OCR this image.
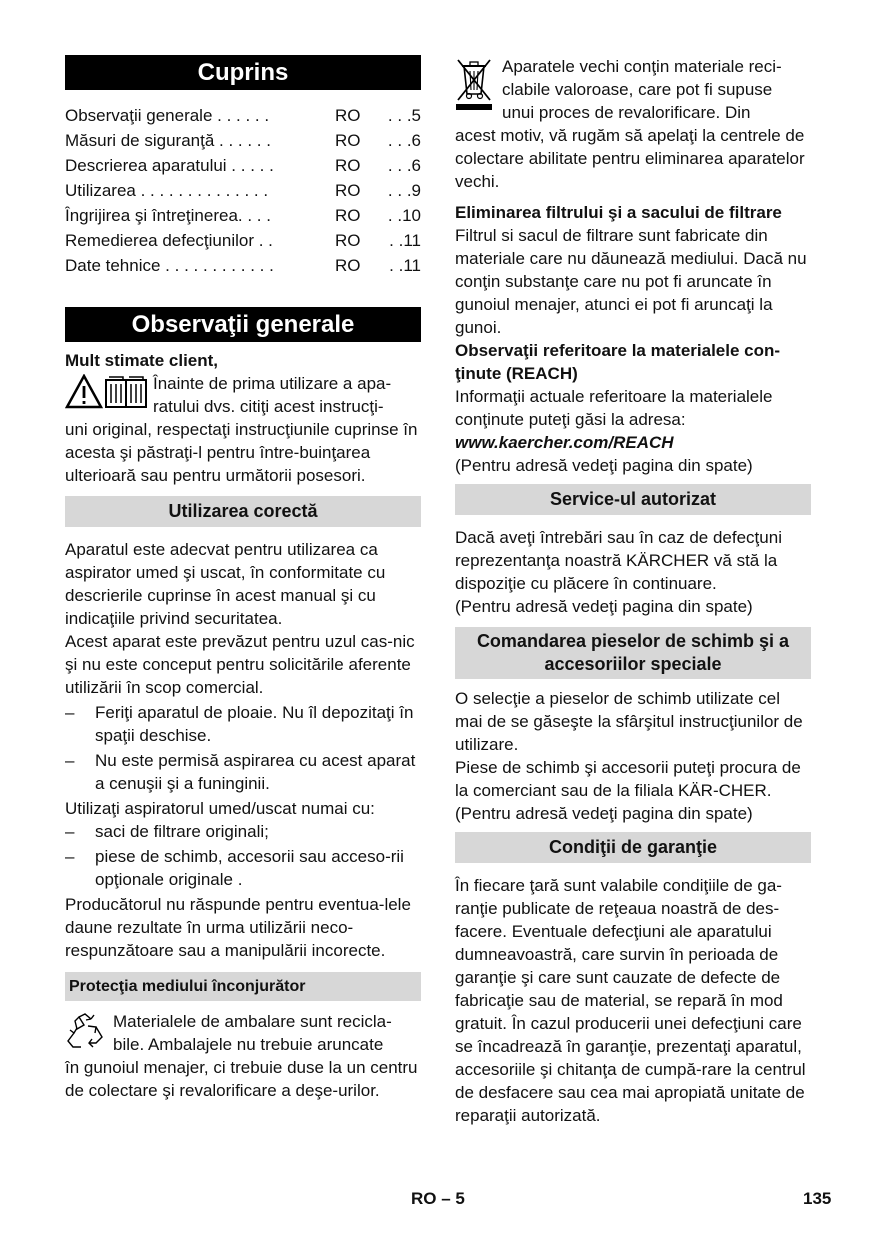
Cuprins
Observaţii generale . . . . . .	RO	. . .5
Măsuri de siguranţă . . . . . .	RO	. . .6
Descrierea aparatului . . . . .	RO	. . .6
Utilizarea . . . . . . . . . . . . . .	RO	. . .9
Îngrijirea şi întreţinerea. . . .	RO	. .10
Remedierea defecţiunilor . .	RO	. .11
Date tehnice . . . . . . . . . . . .	RO	. .11
Observaţii generale

Mult stimate client,

Înainte de prima utilizare a apa-

ratului dvs. citiţi acest instrucţi-

uni original, respectaţi instrucţiunile cuprinse în acesta şi păstraţi-l pentru între-buinţarea ulterioară sau pentru următorii posesori.

Utilizarea corectă

Aparatul este adecvat pentru utilizarea ca aspirator umed şi uscat, în conformitate cu descrierile cuprinse în acest manual şi cu indicaţiile privind securitatea.

Acest aparat este prevăzut pentru uzul cas-nic şi nu este conceput pentru solicitările aferente utilizării în scop comercial.

– Feriţi aparatul de ploaie. Nu îl depozitaţi în spaţii deschise.
– Nu este permisă aspirarea cu acest aparat a cenuşii şi a funinginii.

Utilizaţi aspiratorul umed/uscat numai cu:

– saci de filtrare originali;
– piese de schimb, accesorii sau acceso-rii opţionale originale .

Producătorul nu răspunde pentru eventua-lele daune rezultate în urma utilizării neco-respunzătoare sau a manipulării incorecte.

Protecţia mediului înconjurător

Materialele de ambalare sunt recicla-

bile. Ambalajele nu trebuie aruncate

în gunoiul menajer, ci trebuie duse la un centru de colectare şi revalorificare a deşe-urilor.

Aparatele vechi conţin materiale reci-

clabile valoroase, care pot fi supuse

unui proces de revalorificare. Din

acest motiv, vă rugăm să apelaţi la centrele de colectare abilitate pentru eliminarea aparatelor vechi.

Eliminarea filtrului şi a sacului de filtrare

Filtrul si sacul de filtrare sunt fabricate din materiale care nu dăunează mediului. Dacă nu conţin substanţe care nu pot fi aruncate în gunoiul menajer, atunci ei pot fi aruncaţi la gunoi.

Observaţii referitoare la materialele con-ţinute (REACH)

Informaţii actuale referitoare la materialele conţinute puteţi găsi la adresa:

www.kaercher.com/REACH

(Pentru adresă vedeţi pagina din spate)

Service-ul autorizat

Dacă aveţi întrebări sau în caz de defecţuni reprezentanţa noastră KÄRCHER vă stă la dispoziţie cu plăcere în continuare.

(Pentru adresă vedeţi pagina din spate)

Comandarea pieselor de schimb şi a accesoriilor speciale

O selecţie a pieselor de schimb utilizate cel mai de se găseşte la sfârşitul instrucţiunilor de utilizare.

Piese de schimb şi accesorii puteţi procura de la comerciant sau de la filiala KÄR-CHER.

(Pentru adresă vedeţi pagina din spate)

Condiţii de garanţie

În fiecare ţară sunt valabile condiţiile de ga-ranţie publicate de reţeaua noastră de des-facere. Eventuale defecţiuni ale aparatului dumneavoastră, care survin în perioada de garanţie şi care sunt cauzate de defecte de fabricaţie sau de material, se repară în mod gratuit. În cazul producerii unei defecţiuni care se încadrează în garanţie, prezentaţi aparatul, accesoriile şi chitanţa de cumpă-rare la centrul de desfacere sau cea mai apropiată unitate de reparaţii autorizată.

RO – 5	135
